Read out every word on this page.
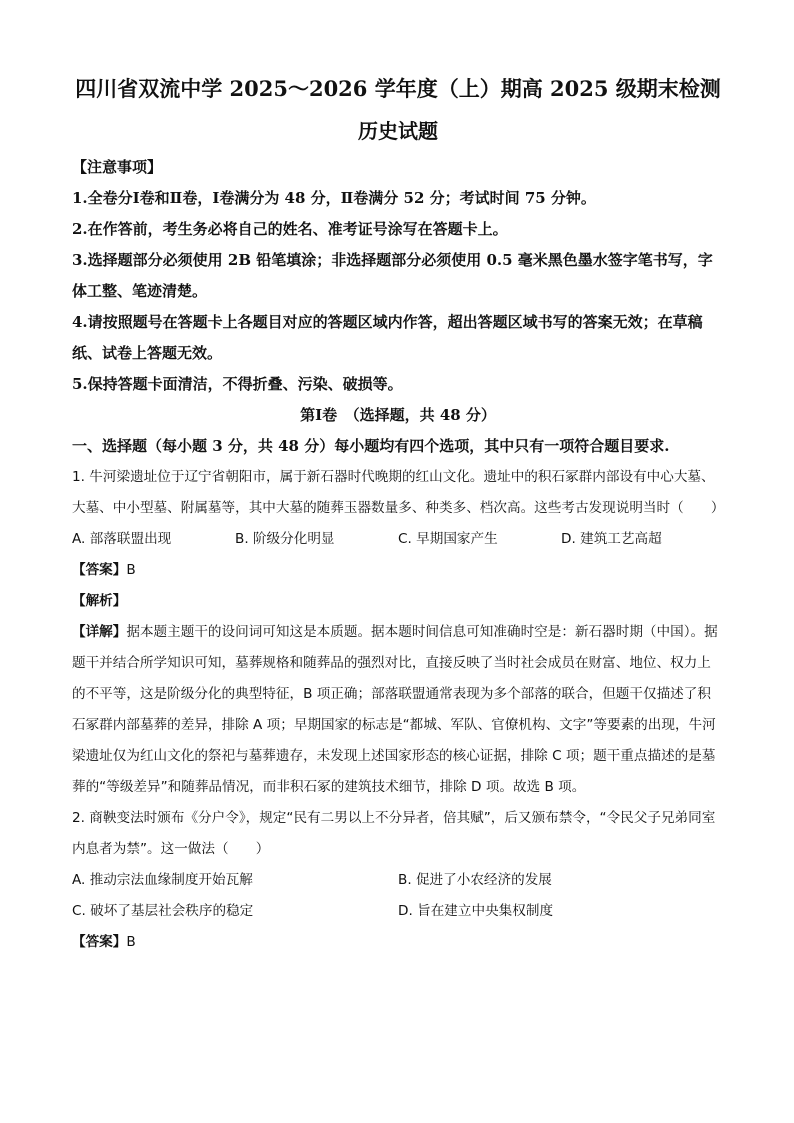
四川省双流中学 2025～2026 学年度（上）期高 2025 级期末检测
历史试题

【注意事项】

1.全卷分Ⅰ卷和Ⅱ卷，Ⅰ卷满分为 48 分，Ⅱ卷满分 52 分；考试时间 75 分钟。

2.在作答前，考生务必将自己的姓名、准考证号涂写在答题卡上。

3.选择题部分必须使用 2B 铅笔填涂；非选择题部分必须使用 0.5 毫米黑色墨水签字笔书写，字体工整、笔迹清楚。

4.请按照题号在答题卡上各题目对应的答题区域内作答，超出答题区域书写的答案无效；在草稿纸、试卷上答题无效。

5.保持答题卡面清洁，不得折叠、污染、破损等。

第Ⅰ卷　（选择题，共 48 分）

一、选择题（每小题 3 分，共 48 分）每小题均有四个选项，其中只有一项符合题目要求.

1. 牛河梁遗址位于辽宁省朝阳市，属于新石器时代晚期的红山文化。遗址中的积石冢群内部设有中心大墓、大墓、中小型墓、附属墓等，其中大墓的随葬玉器数量多、种类多、档次高。这些考古发现说明当时（　　）

A. 部落联盟出现	B. 阶级分化明显	C. 早期国家产生	D. 建筑工艺高超

【答案】B

【解析】

【详解】据本题主题干的设问词可知这是本质题。据本题时间信息可知准确时空是：新石器时期（中国）。据题干并结合所学知识可知，墓葬规格和随葬品的强烈对比，直接反映了当时社会成员在财富、地位、权力上的不平等，这是阶级分化的典型特征，B 项正确；部落联盟通常表现为多个部落的联合，但题干仅描述了积石冢群内部墓葬的差异，排除 A 项；早期国家的标志是“都城、军队、官僚机构、文字”等要素的出现，牛河梁遗址仅为红山文化的祭祀与墓葬遗存，未发现上述国家形态的核心证据，排除 C 项；题干重点描述的是墓葬的“等级差异”和随葬品情况，而非积石冢的建筑技术细节，排除 D 项。故选 B 项。

2. 商鞅变法时颁布《分户令》，规定“民有二男以上不分异者，倍其赋”，后又颁布禁令，“令民父子兄弟同室内息者为禁”。这一做法（　　）

A. 推动宗法血缘制度开始瓦解	B. 促进了小农经济的发展
C. 破坏了基层社会秩序的稳定	D. 旨在建立中央集权制度

【答案】B
